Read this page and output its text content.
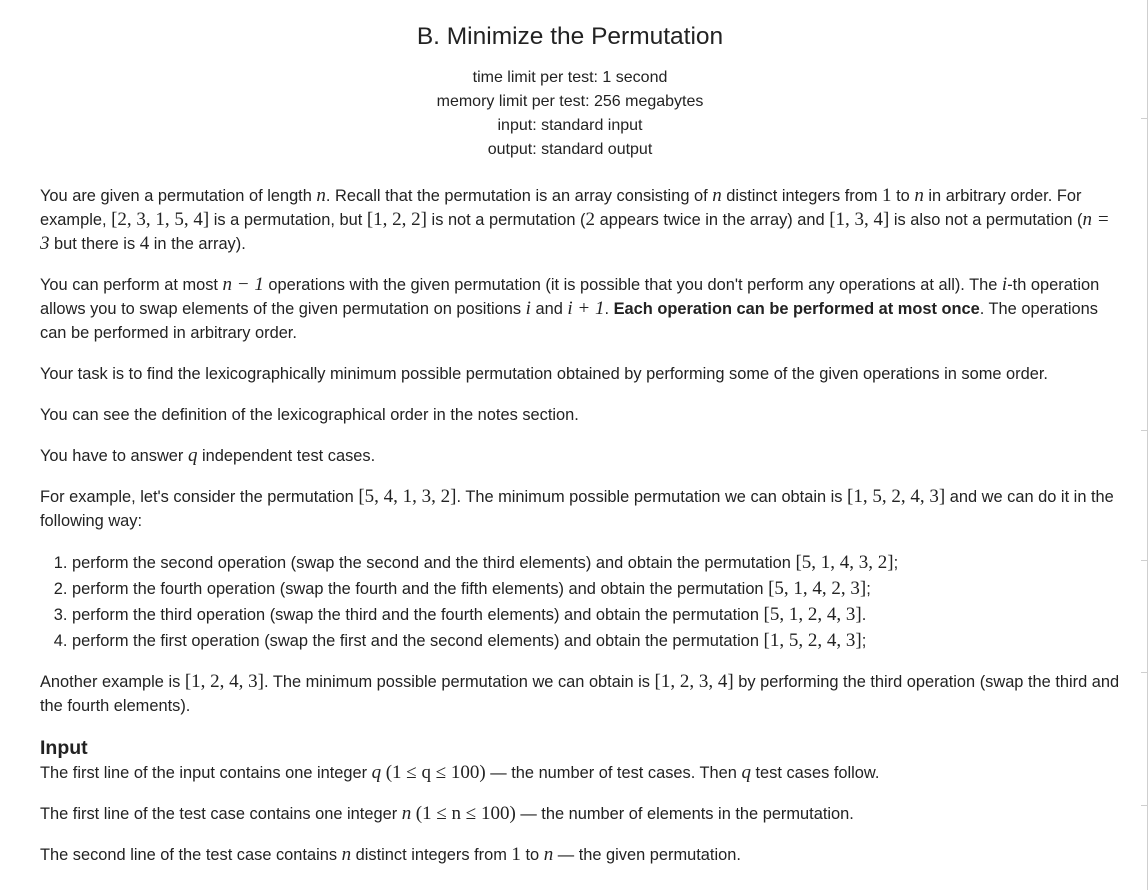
B. Minimize the Permutation
time limit per test: 1 second
memory limit per test: 256 megabytes
input: standard input
output: standard output

You are given a permutation of length n. Recall that the permutation is an array consisting of n distinct integers from 1 to n in arbitrary order. For example, [2, 3, 1, 5, 4] is a permutation, but [1, 2, 2] is not a permutation (2 appears twice in the array) and [1, 3, 4] is also not a permutation (n = 3 but there is 4 in the array).

You can perform at most n − 1 operations with the given permutation (it is possible that you don't perform any operations at all). The i-th operation allows you to swap elements of the given permutation on positions i and i + 1. Each operation can be performed at most once. The operations can be performed in arbitrary order.

Your task is to find the lexicographically minimum possible permutation obtained by performing some of the given operations in some order.

You can see the definition of the lexicographical order in the notes section.

You have to answer q independent test cases.

For example, let's consider the permutation [5, 4, 1, 3, 2]. The minimum possible permutation we can obtain is [1, 5, 2, 4, 3] and we can do it in the following way:

1. perform the second operation (swap the second and the third elements) and obtain the permutation [5, 1, 4, 3, 2];
2. perform the fourth operation (swap the fourth and the fifth elements) and obtain the permutation [5, 1, 4, 2, 3];
3. perform the third operation (swap the third and the fourth elements) and obtain the permutation [5, 1, 2, 4, 3].
4. perform the first operation (swap the first and the second elements) and obtain the permutation [1, 5, 2, 4, 3];

Another example is [1, 2, 4, 3]. The minimum possible permutation we can obtain is [1, 2, 3, 4] by performing the third operation (swap the third and the fourth elements).

Input

The first line of the input contains one integer q (1 ≤ q ≤ 100) — the number of test cases. Then q test cases follow.

The first line of the test case contains one integer n (1 ≤ n ≤ 100) — the number of elements in the permutation.

The second line of the test case contains n distinct integers from 1 to n — the given permutation.
